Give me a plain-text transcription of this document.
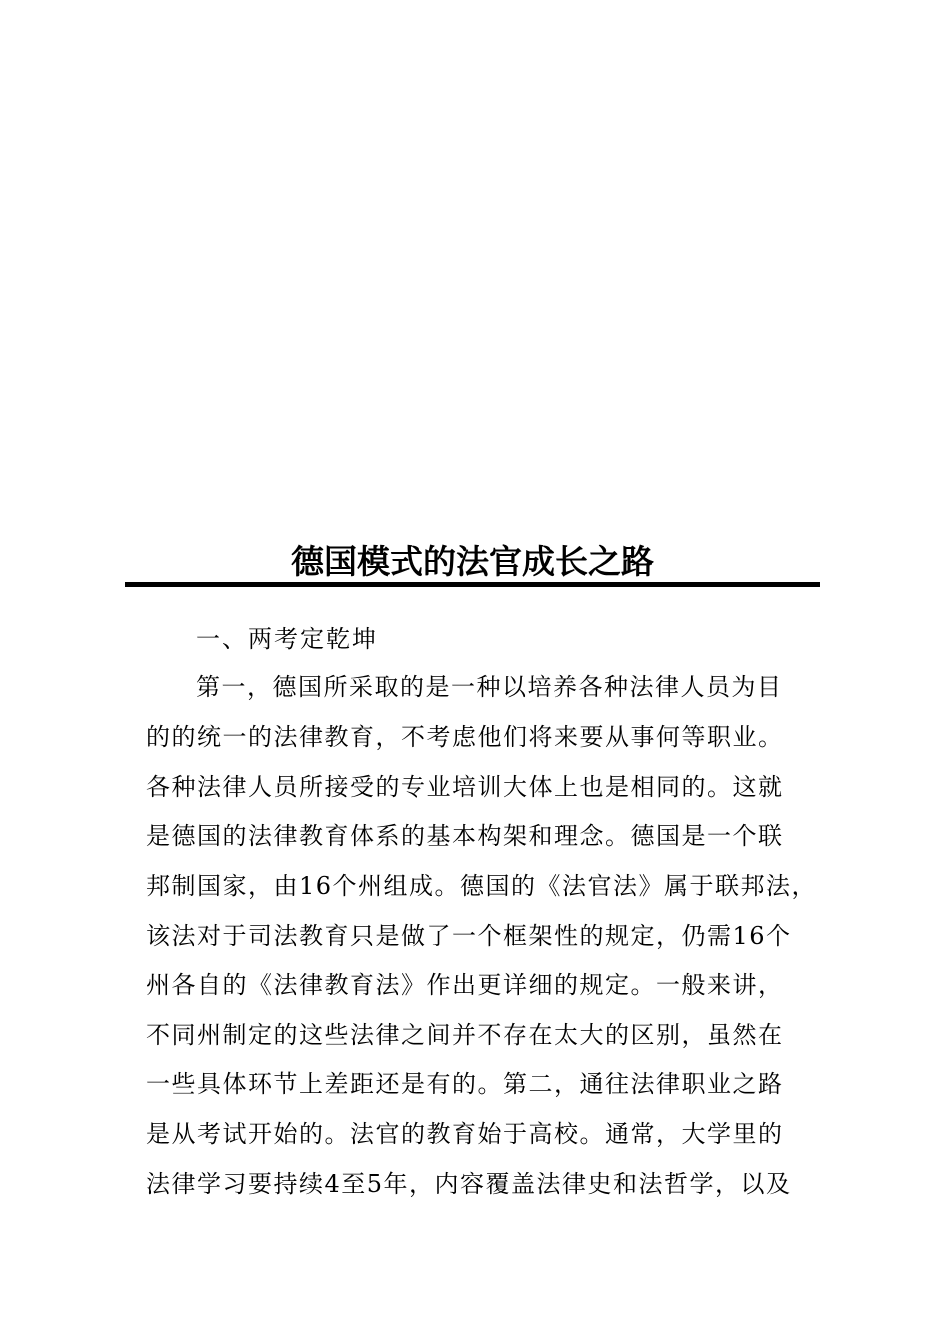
德国模式的法官成长之路
一、两考定乾坤
第一，德国所采取的是一种以培养各种法律人员为目
的的统一的法律教育，不考虑他们将来要从事何等职业。
各种法律人员所接受的专业培训大体上也是相同的。这就
是德国的法律教育体系的基本构架和理念。德国是一个联
邦制国家，由16个州组成。德国的《法官法》属于联邦法，
该法对于司法教育只是做了一个框架性的规定，仍需16个
州各自的《法律教育法》作出更详细的规定。一般来讲，
不同州制定的这些法律之间并不存在太大的区别，虽然在
一些具体环节上差距还是有的。第二，通往法律职业之路
是从考试开始的。法官的教育始于高校。通常，大学里的
法律学习要持续4至5年，内容覆盖法律史和法哲学，以及
